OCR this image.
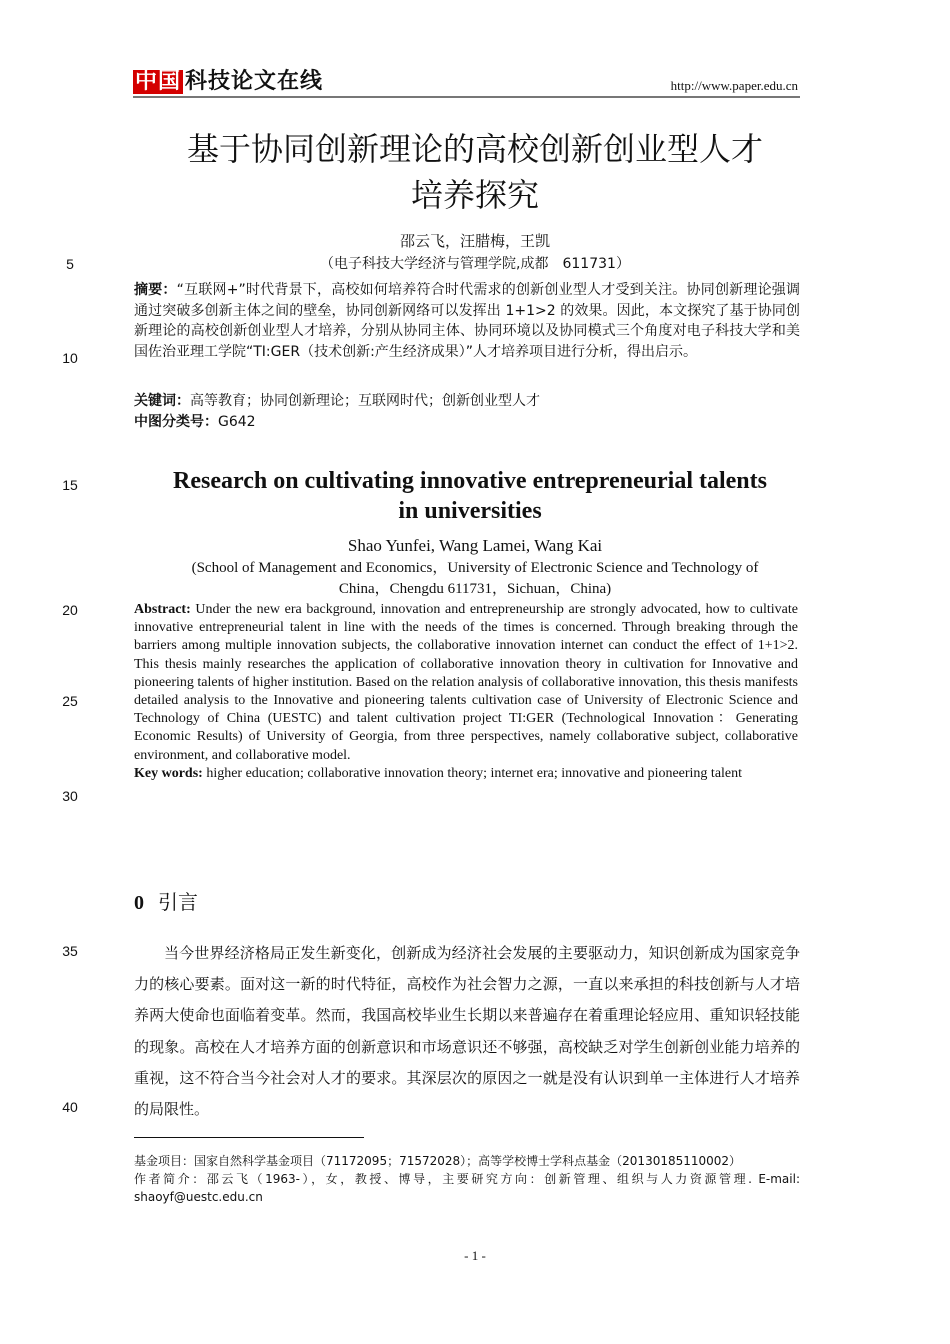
中国 科技论文在线	http://www.paper.edu.cn
基于协同创新理论的高校创新创业型人才
培养探究
邵云飞，汪腊梅，王凯
（电子科技大学经济与管理学院,成都　611731）
5
10
15
20
25
30
35
40
摘要：“互联网+”时代背景下，高校如何培养符合时代需求的创新创业型人才受到关注。协同创新理论强调通过突破多创新主体之间的壁垒，协同创新网络可以发挥出 1+1>2 的效果。因此，本文探究了基于协同创新理论的高校创新创业型人才培养，分别从协同主体、协同环境以及协同模式三个角度对电子科技大学和美国佐治亚理工学院“TI:GER（技术创新:产生经济成果）”人才培养项目进行分析，得出启示。
关键词：高等教育；协同创新理论；互联网时代；创新创业型人才
中图分类号：G642
Research on cultivating innovative entrepreneurial talents
in universities
Shao Yunfei, Wang Lamei, Wang Kai
(School of Management and Economics，University of Electronic Science and Technology of
China，Chengdu 611731，Sichuan，China)
Abstract: Under the new era background, innovation and entrepreneurship are strongly advocated, how to cultivate innovative entrepreneurial talent in line with the needs of the times is concerned. Through breaking through the barriers among multiple innovation subjects, the collaborative innovation internet can conduct the effect of 1+1>2. This thesis mainly researches the application of collaborative innovation theory in cultivation for Innovative and pioneering talents of higher institution. Based on the relation analysis of collaborative innovation, this thesis manifests detailed analysis to the Innovative and pioneering talents cultivation case of University of Electronic Science and Technology of China (UESTC) and talent cultivation project TI:GER (Technological Innovation：Generating Economic Results) of University of Georgia, from three perspectives, namely collaborative subject, collaborative environment, and collaborative model.
Key words: higher education; collaborative innovation theory; internet era; innovative and pioneering talent
0 引言
当今世界经济格局正发生新变化，创新成为经济社会发展的主要驱动力，知识创新成为国家竞争力的核心要素。面对这一新的时代特征，高校作为社会智力之源，一直以来承担的科技创新与人才培养两大使命也面临着变革。然而，我国高校毕业生长期以来普遍存在着重理论轻应用、重知识轻技能的现象。高校在人才培养方面的创新意识和市场意识还不够强，高校缺乏对学生创新创业能力培养的重视，这不符合当今社会对人才的要求。其深层次的原因之一就是没有认识到单一主体进行人才培养的局限性。
基金项目：国家自然科学基金项目（71172095；71572028）；高等学校博士学科点基金（20130185110002）
作者简介：邵云飞（1963-），女，教授、博导，主要研究方向：创新管理、组织与人力资源管理. E-mail: shaoyf@uestc.edu.cn
- 1 -
